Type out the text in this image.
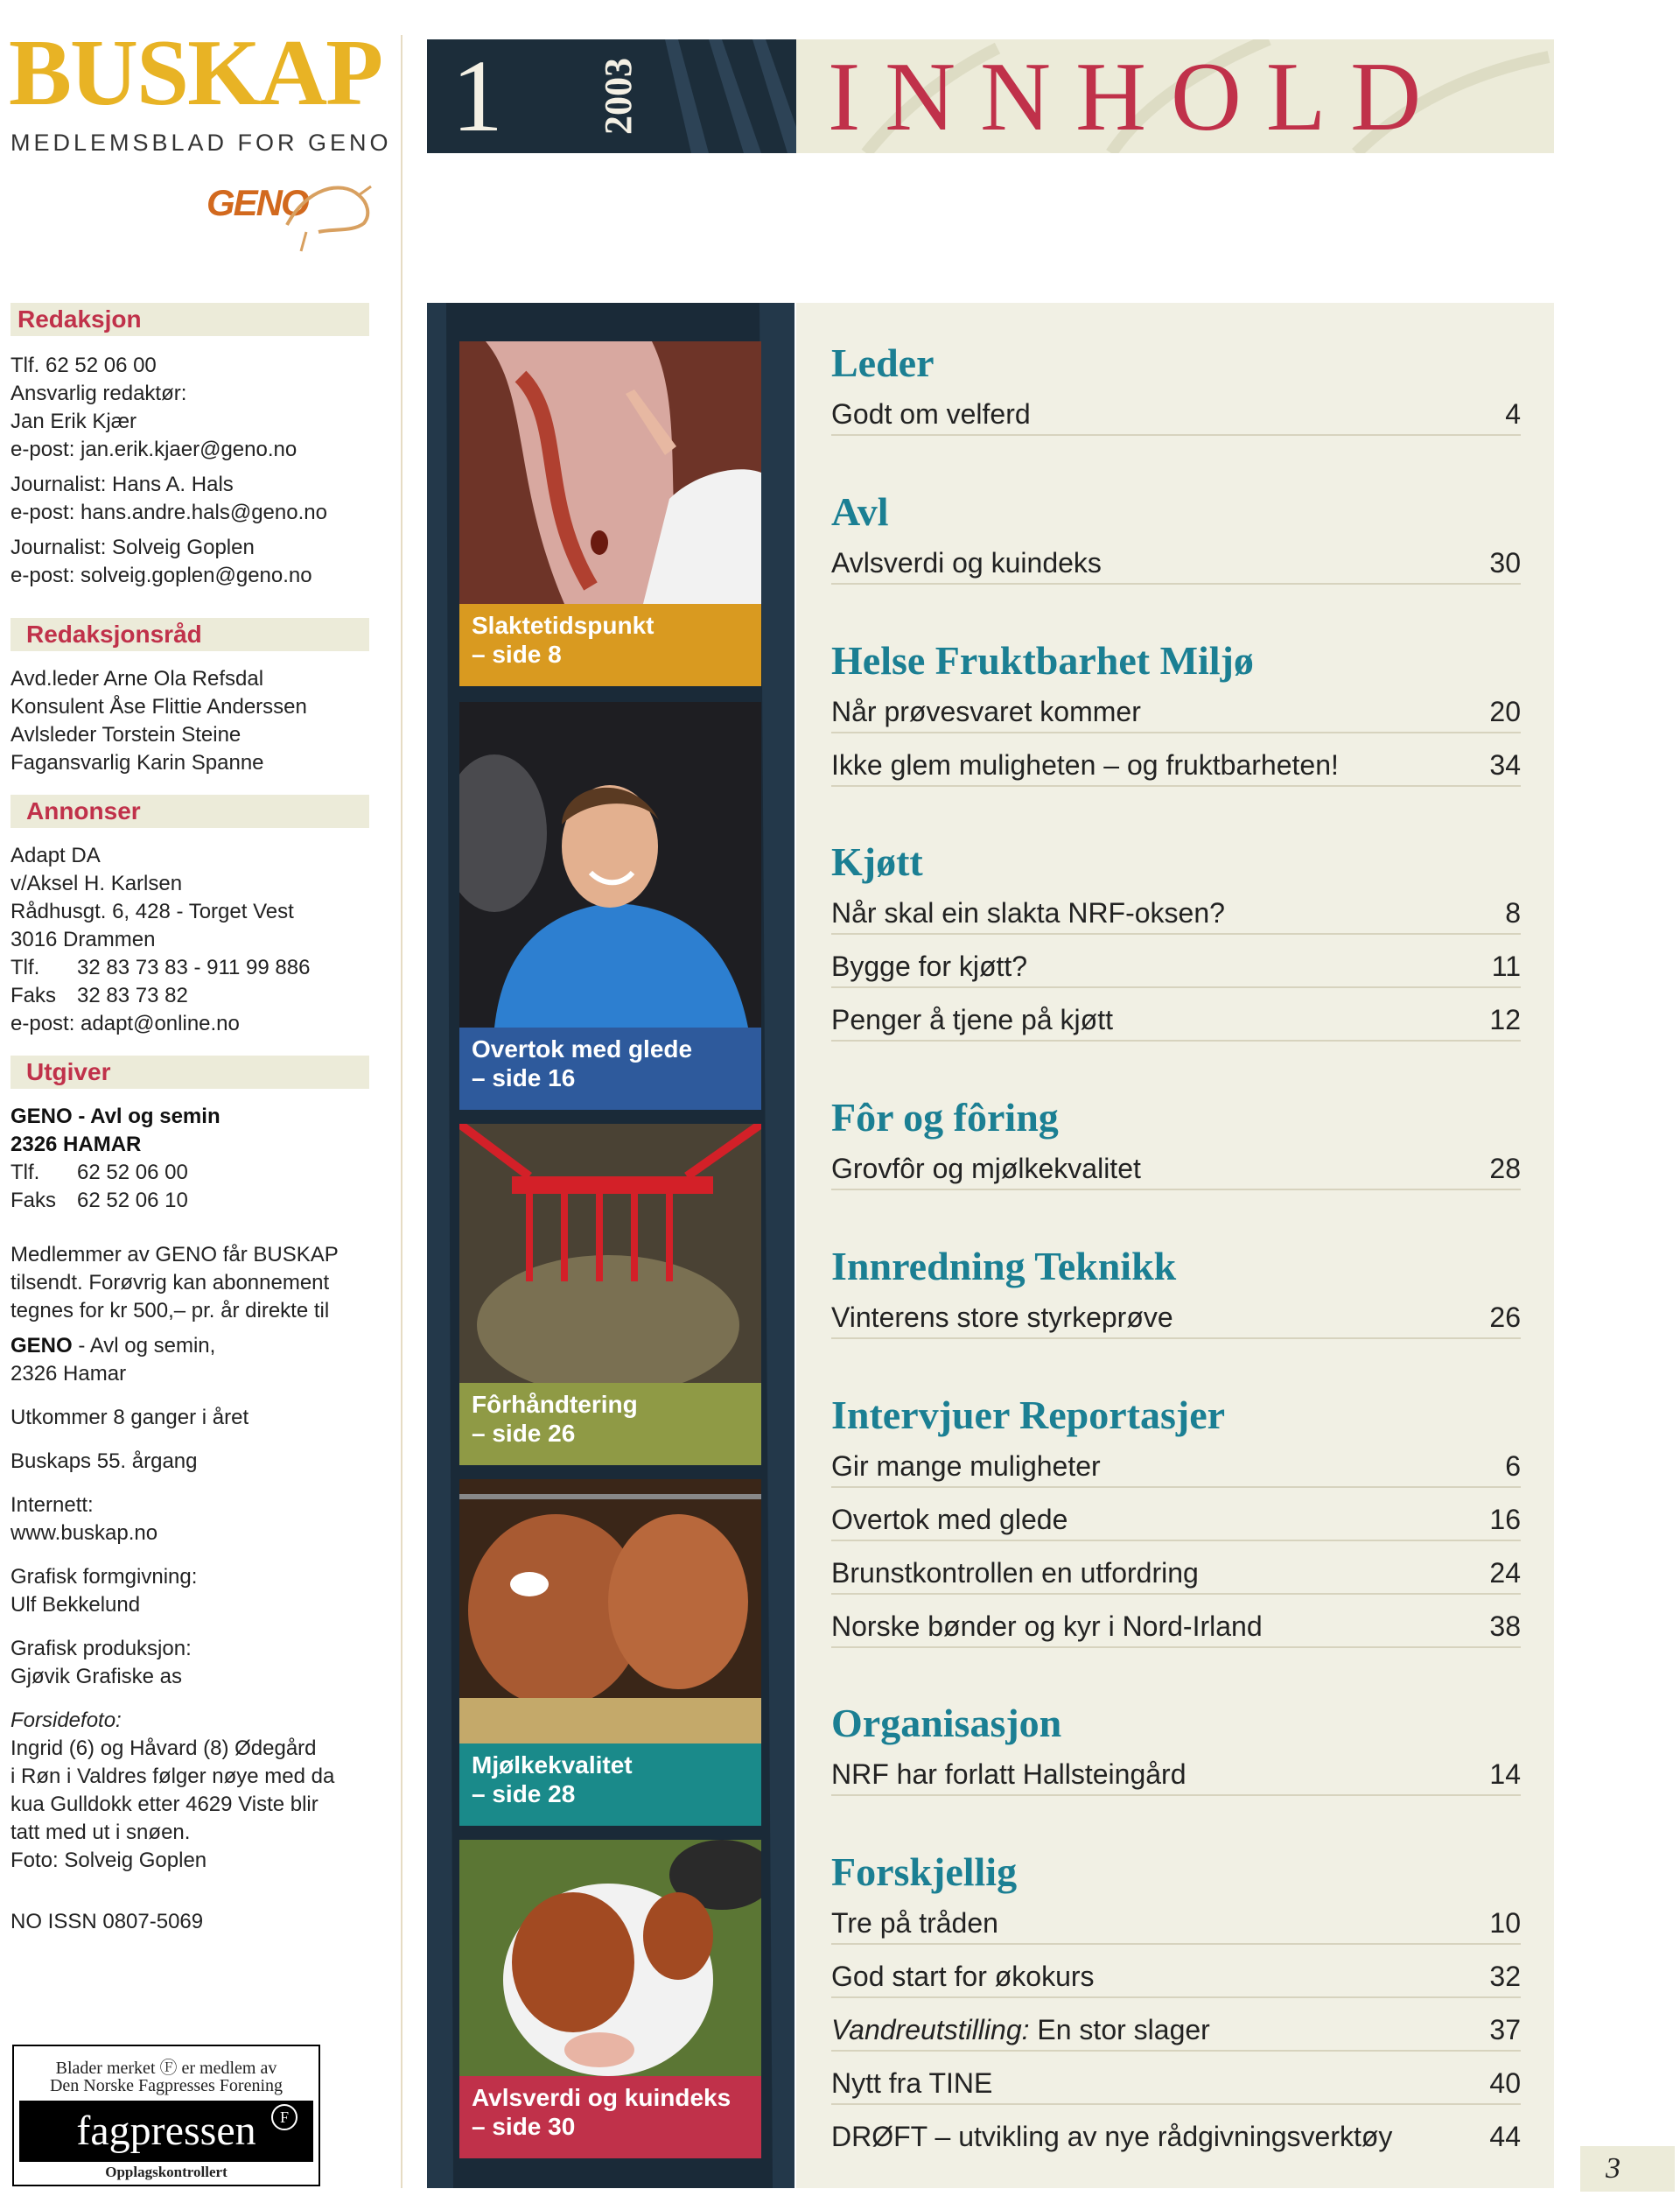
BUSKAP
MEDLEMSBLAD FOR GENO
GENO
1	2003 INNHOLD
Redaksjon
Tlf. 62 52 06 00
Ansvarlig redaktør:
Jan Erik Kjær
e-post: jan.erik.kjaer@geno.no
Journalist: Hans A. Hals
e-post: hans.andre.hals@geno.no
Journalist: Solveig Goplen
e-post: solveig.goplen@geno.no
Redaksjonsråd
Avd.leder Arne Ola Refsdal
Konsulent Åse Flittie Anderssen
Avlsleder Torstein Steine
Fagansvarlig Karin Spanne
Annonser
Adapt DA
v/Aksel H. Karlsen
Rådhusgt. 6, 428 - Torget Vest
3016 Drammen
Tlf. 32 83 73 83 - 911 99 886
Faks 32 83 73 82
e-post: adapt@online.no
Utgiver
GENO - Avl og semin
2326 HAMAR
Tlf. 62 52 06 00
Faks 62 52 06 10
Medlemmer av GENO får BUSKAP
tilsendt. Forøvrig kan abonnement
tegnes for kr 500,– pr. år direkte til
GENO - Avl og semin,
2326 Hamar
Utkommer 8 ganger i året
Buskaps 55. årgang
Internett:
www.buskap.no
Grafisk formgivning:
Ulf Bekkelund
Grafisk produksjon:
Gjøvik Grafiske as
Forsidefoto:
Ingrid (6) og Håvard (8) Ødegård
i Røn i Valdres følger nøye med da
kua Gulldokk etter 4629 Viste blir
tatt med ut i snøen.
Foto: Solveig Goplen
NO ISSN 0807-5069
Blader merket Ⓕ er medlem av
Den Norske Fagpresses Forening
fagpressen	F
Opplagskontrollert
Slaktetidspunkt
– side 8
Overtok med glede
– side 16
Fôrhåndtering
– side 26
Mjølkekvalitet
– side 28
Avlsverdi og kuindeks
– side 30
Leder
Godt om velferd	4
Avl
Avlsverdi og kuindeks	30
Helse Fruktbarhet Miljø
Når prøvesvaret kommer	20
Ikke glem muligheten – og fruktbarheten!	34
Kjøtt
Når skal ein slakta NRF-oksen?	8
Bygge for kjøtt?	11
Penger å tjene på kjøtt	12
Fôr og fôring
Grovfôr og mjølkekvalitet	28
Innredning Teknikk
Vinterens store styrkeprøve	26
Intervjuer Reportasjer
Gir mange muligheter	6
Overtok med glede	16
Brunstkontrollen en utfordring	24
Norske bønder og kyr i Nord-Irland	38
Organisasjon
NRF har forlatt Hallsteingård	14
Forskjellig
Tre på tråden	10
God start for økokurs	32
Vandreutstilling: En stor slager	37
Nytt fra TINE	40
DRØFT – utvikling av nye rådgivningsverktøy	44
3
